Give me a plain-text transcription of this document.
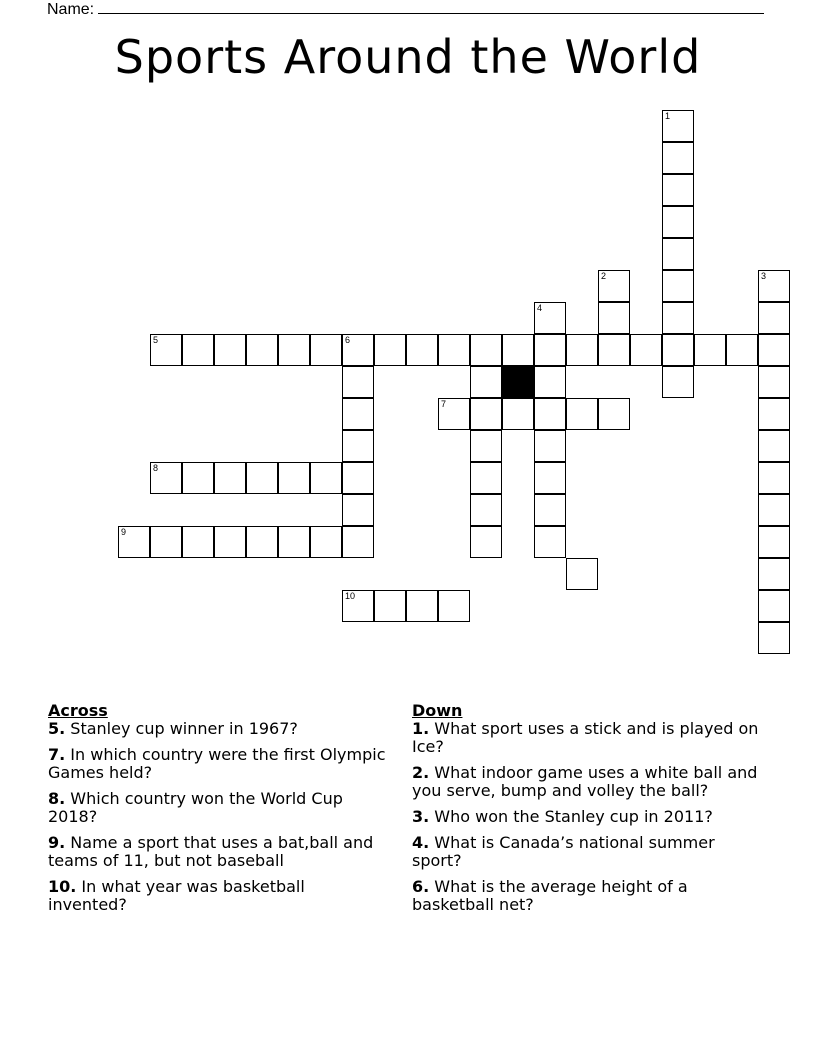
Name:
Sports Around the World
1
2	3
4
5	6
7
8
9
10
Across
5. Stanley cup winner in 1967?
7. In which country were the first Olympic Games held?
8. Which country won the World Cup 2018?
9. Name a sport that uses a bat,ball and teams of 11, but not baseball
10. In what year was basketball invented?
Down
1. What sport uses a stick and is played on Ice?
2. What indoor game uses a white ball and you serve, bump and volley the ball?
3. Who won the Stanley cup in 2011?
4. What is Canada’s national summer sport?
6. What is the average height of a basketball net?
